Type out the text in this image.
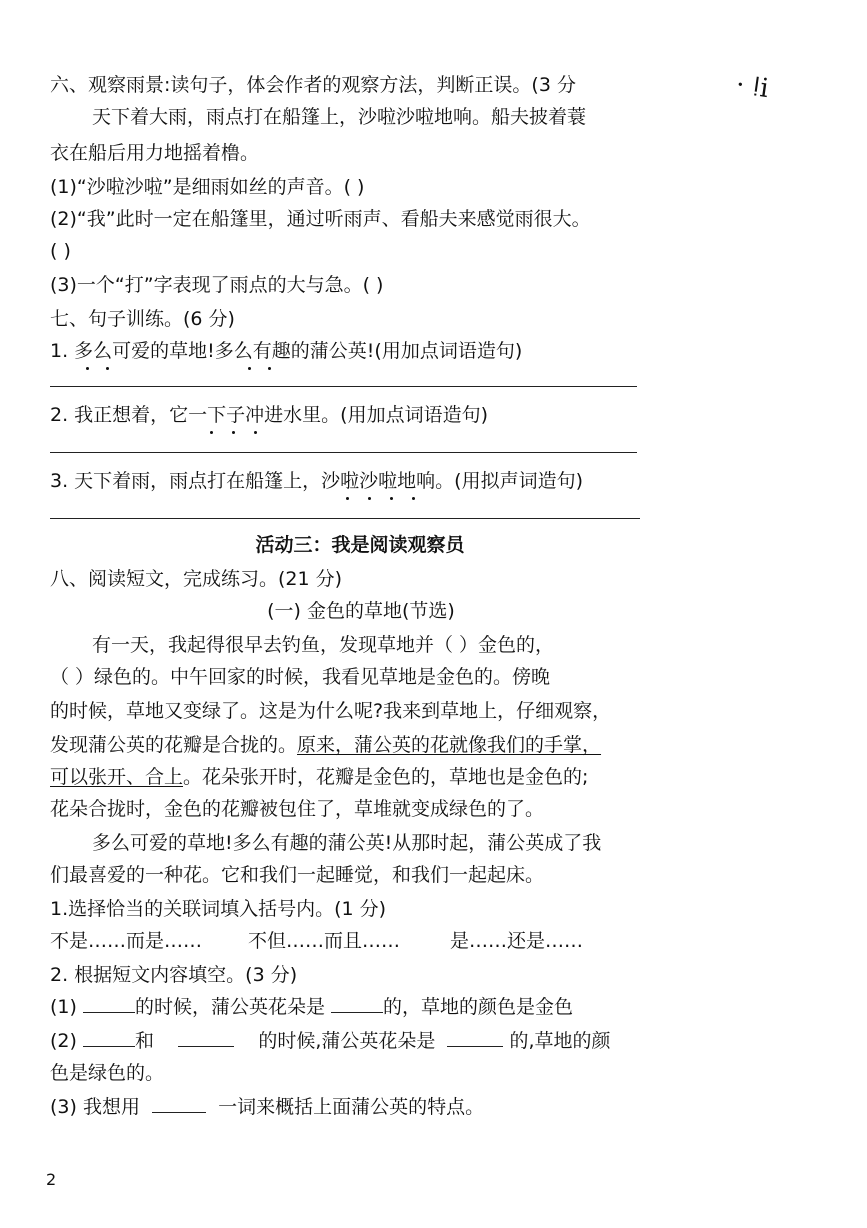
六、观察雨景:读句子，体会作者的观察方法，判断正误。(3 分	· ǃi
天下着大雨，雨点打在船篷上，沙啦沙啦地响。船夫披着蓑
衣在船后用力地摇着橹。
(1)“沙啦沙啦”是细雨如丝的声音。( )
(2)“我”此时一定在船篷里，通过听雨声、看船夫来感觉雨很大。
( )
(3)一个“打”字表现了雨点的大与急。( )
七、句子训练。(6 分)
1. 多么可爱的草地!多么有趣的蒲公英!(用加点词语造句)
2. 我正想着，它一下子冲进水里。(用加点词语造句)
3. 天下着雨，雨点打在船篷上，沙啦沙啦地响。(用拟声词造句)
活动三：我是阅读观察员
八、阅读短文，完成练习。(21 分)
(一) 金色的草地(节选)
有一天，我起得很早去钓鱼，发现草地并（ ）金色的，
（ ）绿色的。中午回家的时候，我看见草地是金色的。傍晚
的时候，草地又变绿了。这是为什么呢?我来到草地上，仔细观察，
发现蒲公英的花瓣是合拢的。原来，蒲公英的花就像我们的手掌，
可以张开、合上。花朵张开时，花瓣是金色的，草地也是金色的;
花朵合拢时，金色的花瓣被包住了，草堆就变成绿色的了。
多么可爱的草地!多么有趣的蒲公英!从那时起，蒲公英成了我
们最喜爱的一种花。它和我们一起睡觉，和我们一起起床。
1.选择恰当的关联词填入括号内。(1 分)
不是……而是…… 不但……而且……	是……还是……
2. 根据短文内容填空。(3 分)
(1)	的时候，蒲公英花朵是	的，草地的颜色是金色
(2)	和	的时候,蒲公英花朵是	的,草地的颜
色是绿色的。
(3) 我想用	一词来概括上面蒲公英的特点。
2
